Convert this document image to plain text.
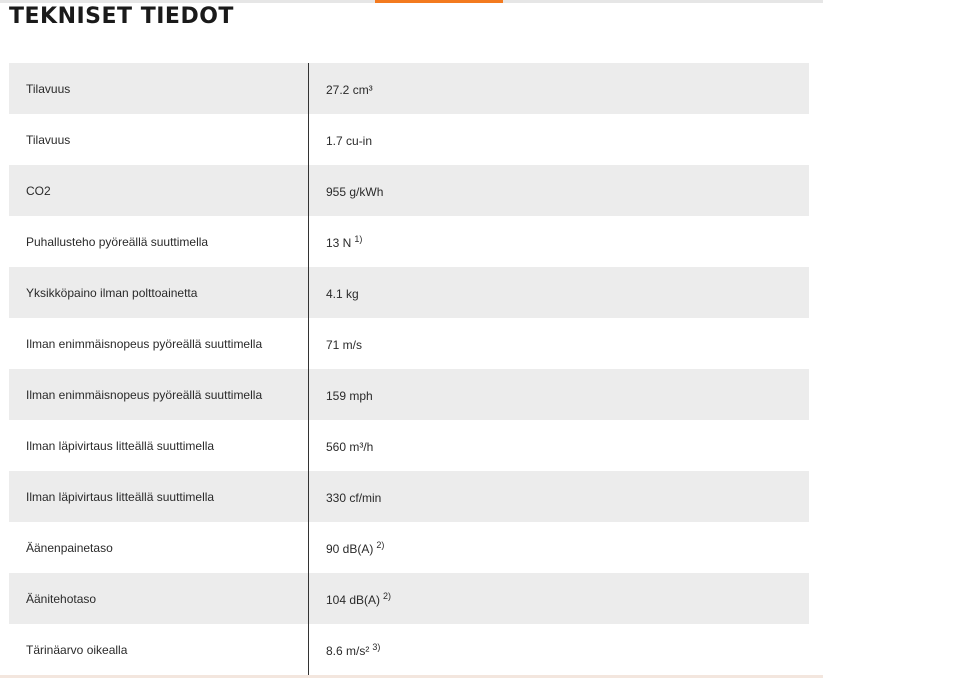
TEKNISET TIEDOT
Tilavuus	27.2 cm³
Tilavuus	1.7 cu-in
CO2	955 g/kWh
Puhallusteho pyöreällä suuttimella	13 N $^{1)}$
Yksikköpaino ilman polttoainetta	4.1 kg
Ilman enimmäisnopeus pyöreällä suuttimella	71 m/s
Ilman enimmäisnopeus pyöreällä suuttimella	159 mph
Ilman läpivirtaus litteällä suuttimella	560 m³/h
Ilman läpivirtaus litteällä suuttimella	330 cf/min
Äänenpainetaso	90 dB(A) $^{2)}$
Äänitehotaso	104 dB(A) $^{2)}$
Tärinäarvo oikealla	8.6 m/s² $^{3)}$
